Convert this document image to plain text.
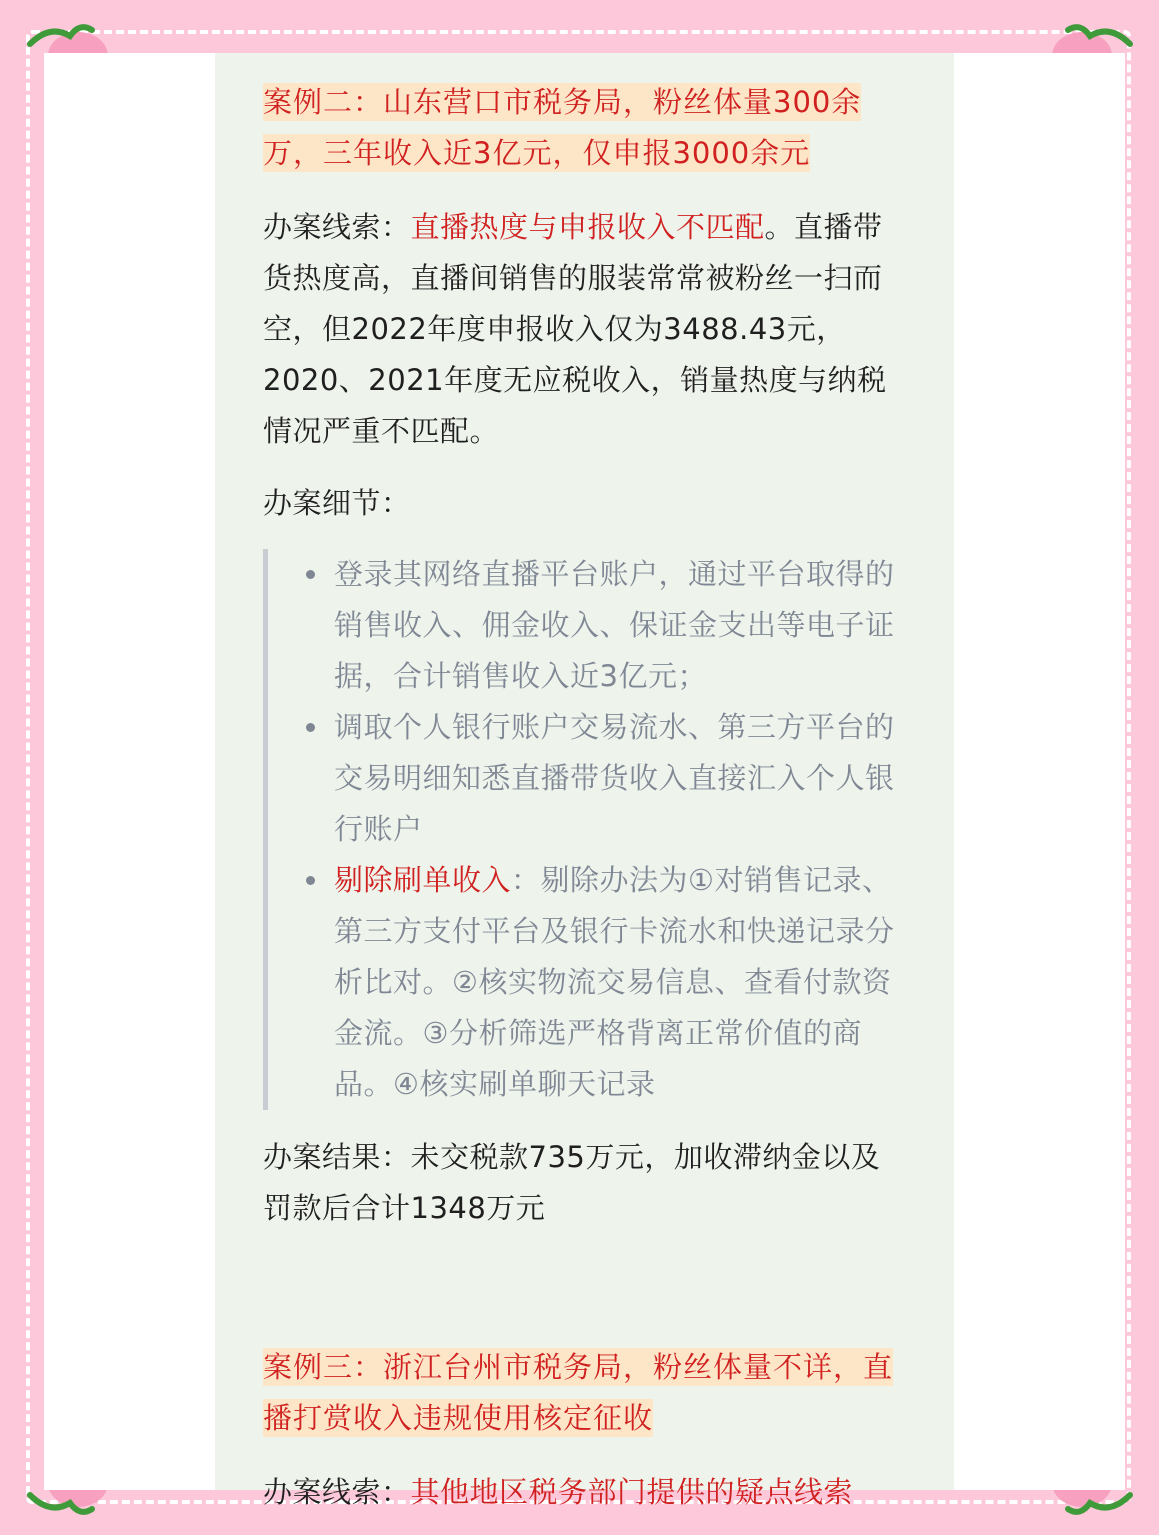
案例二：山东营口市税务局，粉丝体量300余
万，三年收入近3亿元，仅申报3000余元
办案线索：直播热度与申报收入不匹配。直播带货热度高，直播间销售的服装常常被粉丝一扫而空，但2022年度申报收入仅为3488.43元，2020、2021年度无应税收入，销量热度与纳税情况严重不匹配。
办案细节：
登录其网络直播平台账户，通过平台取得的销售收入、佣金收入、保证金支出等电子证据，合计销售收入近3亿元；
调取个人银行账户交易流水、第三方平台的交易明细知悉直播带货收入直接汇入个人银行账户
剔除刷单收入：剔除办法为①对销售记录、第三方支付平台及银行卡流水和快递记录分析比对。②核实物流交易信息、查看付款资金流。③分析筛选严格背离正常价值的商品。④核实刷单聊天记录
办案结果：未交税款735万元，加收滞纳金以及罚款后合计1348万元
案例三：浙江台州市税务局，粉丝体量不详，直
播打赏收入违规使用核定征收
办案线索：其他地区税务部门提供的疑点线索
